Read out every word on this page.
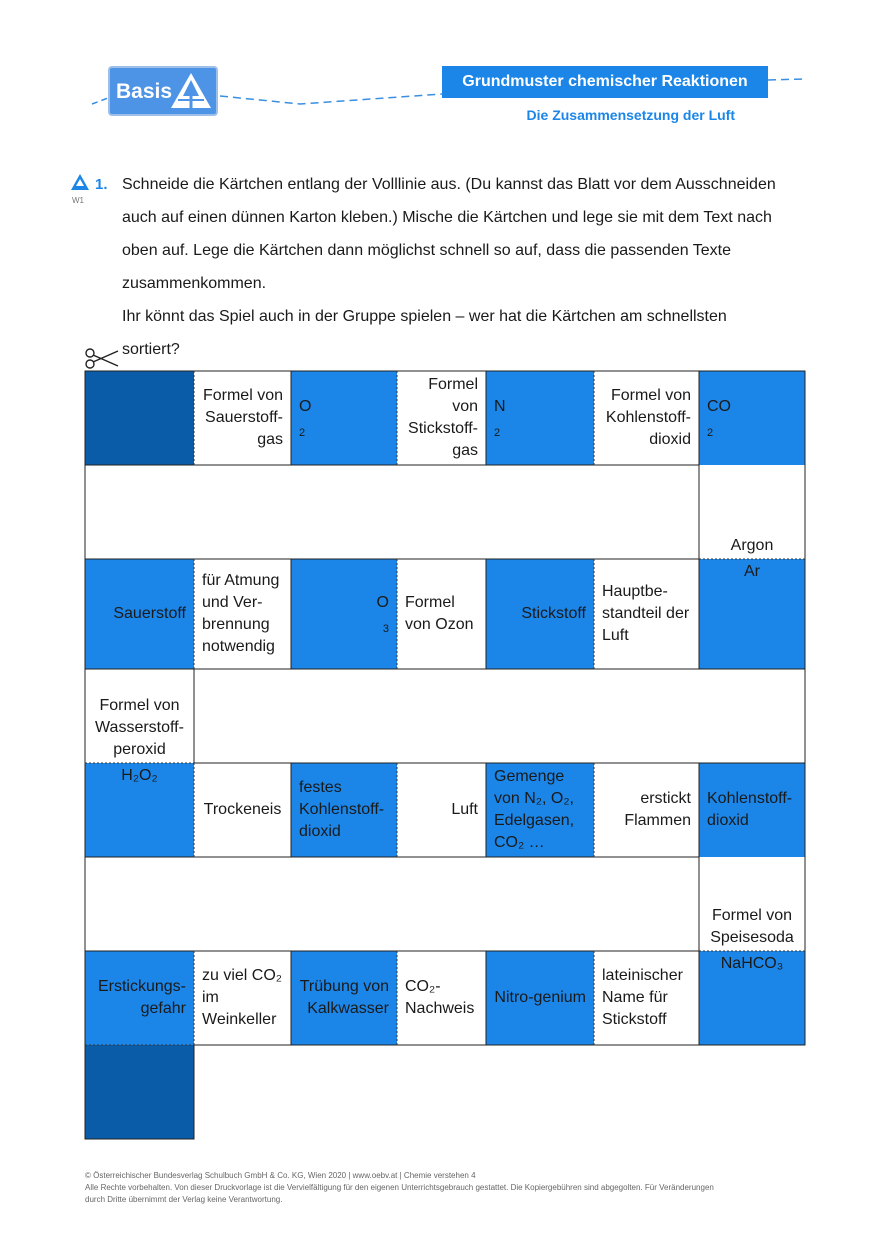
Basis	Grundmuster chemischer Reaktionen
Die Zusammensetzung der Luft
W1
1. Schneide die Kärtchen entlang der Volllinie aus. (Du kannst das Blatt vor dem Ausschneiden
auch auf einen dünnen Karton kleben.) Mische die Kärtchen und lege sie mit dem Text nach
oben auf. Lege die Kärtchen dann möglichst schnell so auf, dass die passenden Texte
zusammenkommen.
Ihr könnt das Spiel auch in der Gruppe spielen – wer hat die Kärtchen am schnellsten
sortiert?
Formel von Sauerstoff-gas
O
$_2$
Formel von Stickstoff-gas
N
$_2$
Formel von Kohlenstoff-dioxid
CO
$_2$
Argon
Sauerstoff
für Atmung und Ver-brennung notwendig
O
$_3$
Formel von Ozon
Stickstoff
Hauptbe-standteil der Luft
Ar
Formel von Wasserstoff-peroxid
H₂O₂
Trockeneis
festes Kohlenstoff-dioxid
Luft
Gemenge von N₂, O₂, Edelgasen, CO₂ …
erstickt Flammen
Kohlenstoff-dioxid
Formel von Speisesoda
Erstickungs-gefahr
zu viel CO₂ im Weinkeller
Trübung von Kalkwasser
CO₂-Nachweis
Nitro-genium
lateinischer Name für Stickstoff
NaHCO₃
© Österreichischer Bundesverlag Schulbuch GmbH & Co. KG, Wien 2020 | www.oebv.at | Chemie verstehen 4
Alle Rechte vorbehalten. Von dieser Druckvorlage ist die Vervielfältigung für den eigenen Unterrichtsgebrauch gestattet. Die Kopiergebühren sind abgegolten. Für Veränderungen
durch Dritte übernimmt der Verlag keine Verantwortung.
